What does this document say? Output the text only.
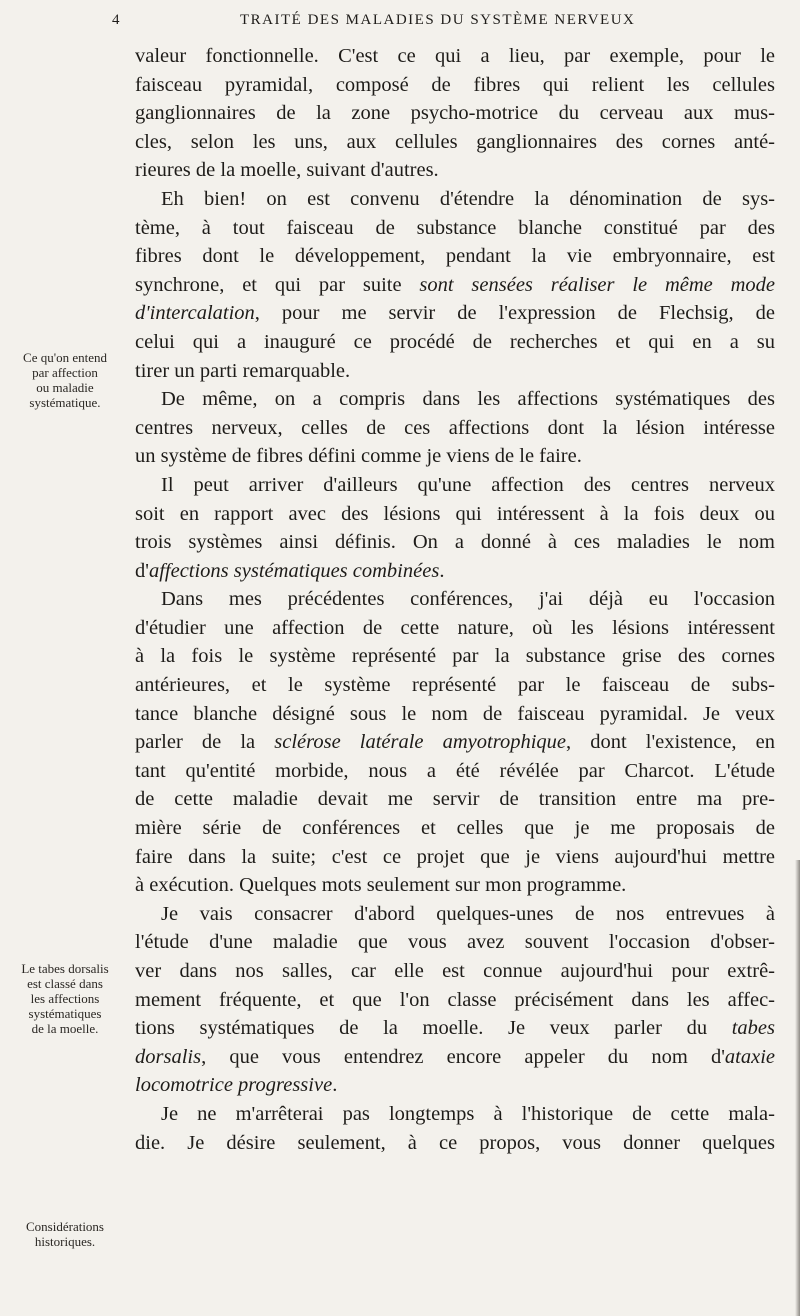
4	TRAITÉ DES MALADIES DU SYSTÈME NERVEUX
Ce qu'on entend
par affection
ou maladie
systématique.
Le tabes dorsalis
est classé dans
les affections
systématiques
de la moelle.
Considérations
historiques.
valeur fonctionnelle. C'est ce qui a lieu, par exemple, pour le
faisceau pyramidal, composé de fibres qui relient les cellules
ganglionnaires de la zone psycho-motrice du cerveau aux mus-
cles, selon les uns, aux cellules ganglionnaires des cornes anté-
rieures de la moelle, suivant d'autres.
Eh bien! on est convenu d'étendre la dénomination de sys-
tème, à tout faisceau de substance blanche constitué par des
fibres dont le développement, pendant la vie embryonnaire, est
synchrone, et qui par suite sont sensées réaliser le même mode
d'intercalation, pour me servir de l'expression de Flechsig, de
celui qui a inauguré ce procédé de recherches et qui en a su
tirer un parti remarquable.
De même, on a compris dans les affections systématiques des
centres nerveux, celles de ces affections dont la lésion intéresse
un système de fibres défini comme je viens de le faire.
Il peut arriver d'ailleurs qu'une affection des centres nerveux
soit en rapport avec des lésions qui intéressent à la fois deux ou
trois systèmes ainsi définis. On a donné à ces maladies le nom
d'affections systématiques combinées.
Dans mes précédentes conférences, j'ai déjà eu l'occasion
d'étudier une affection de cette nature, où les lésions intéressent
à la fois le système représenté par la substance grise des cornes
antérieures, et le système représenté par le faisceau de subs-
tance blanche désigné sous le nom de faisceau pyramidal. Je veux
parler de la sclérose latérale amyotrophique, dont l'existence, en
tant qu'entité morbide, nous a été révélée par Charcot. L'étude
de cette maladie devait me servir de transition entre ma pre-
mière série de conférences et celles que je me proposais de
faire dans la suite; c'est ce projet que je viens aujourd'hui mettre
à exécution. Quelques mots seulement sur mon programme.
Je vais consacrer d'abord quelques-unes de nos entrevues à
l'étude d'une maladie que vous avez souvent l'occasion d'obser-
ver dans nos salles, car elle est connue aujourd'hui pour extrê-
mement fréquente, et que l'on classe précisément dans les affec-
tions systématiques de la moelle. Je veux parler du tabes
dorsalis, que vous entendrez encore appeler du nom d'ataxie
locomotrice progressive.
Je ne m'arrêterai pas longtemps à l'historique de cette mala-
die. Je désire seulement, à ce propos, vous donner quelques
